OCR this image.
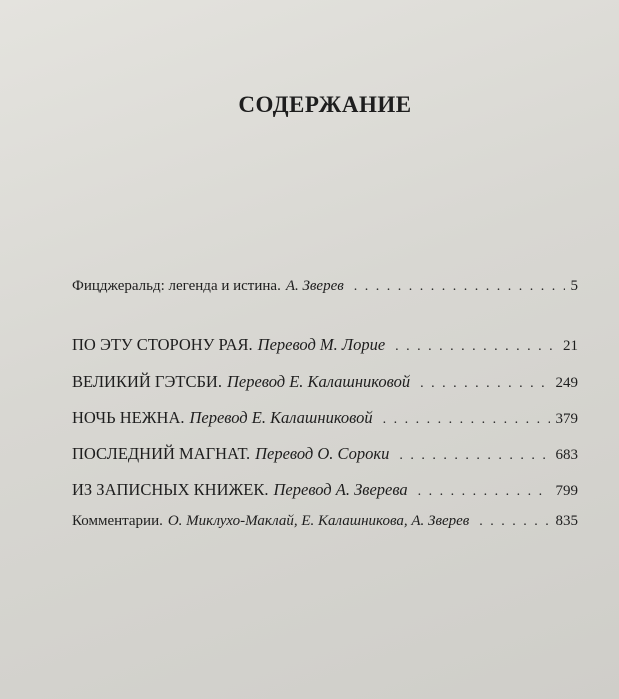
СОДЕРЖАНИЕ
Фицджеральд: легенда и истина. А. Зверев . . .	5
ПО ЭТУ СТОРОНУ РАЯ. Перевод М. Лорие . . .	21
ВЕЛИКИЙ ГЭТСБИ. Перевод Е. Калашниковой . . .	249
НОЧЬ НЕЖНА. Перевод Е. Калашниковой . . .	379
ПОСЛЕДНИЙ МАГНАТ. Перевод О. Сороки . . .	683
ИЗ ЗАПИСНЫХ КНИЖЕК. Перевод А. Зверева . . .	799
Комментарии. О. Миклухо-Маклай, Е. Калашникова, А. Зверев . . .	835
